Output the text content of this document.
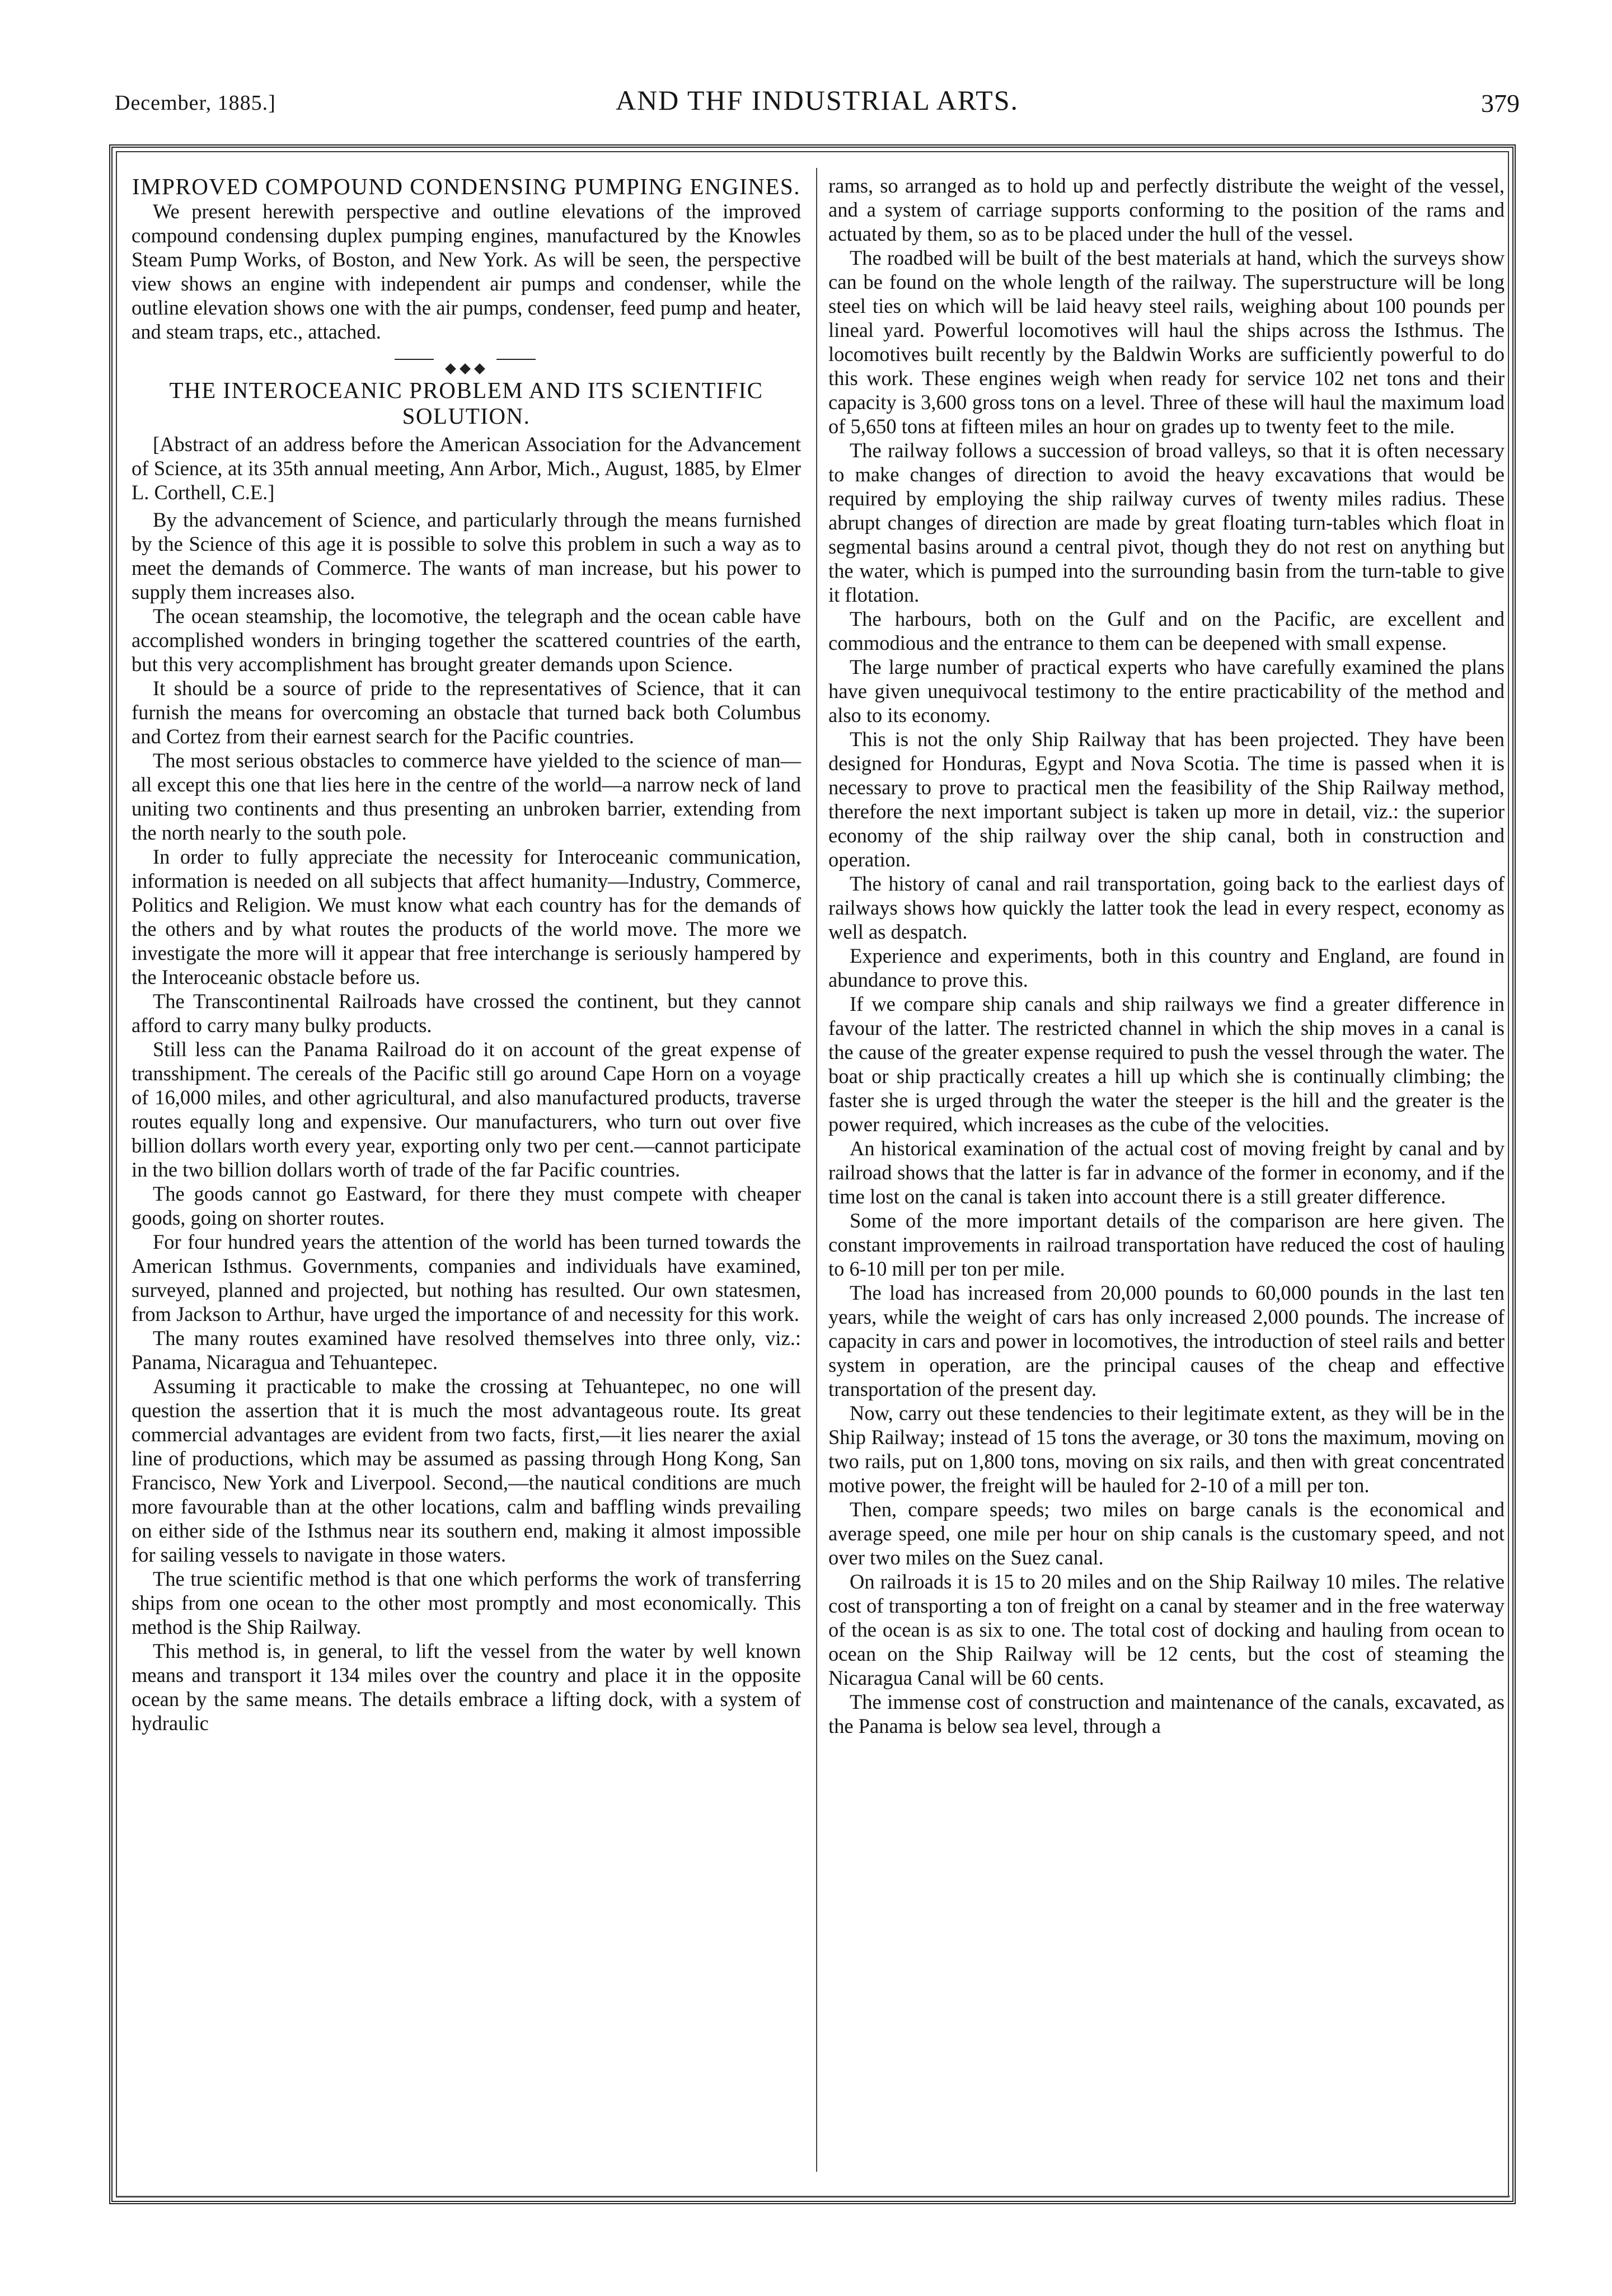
December, 1885.]	AND THF INDUSTRIAL ARTS.	379

IMPROVED COMPOUND CONDENSING PUMPING ENGINES.

We present herewith perspective and outline elevations of the improved compound condensing duplex pumping engines, manufactured by the Knowles Steam Pump Works, of Boston, and New York. As will be seen, the perspective view shows an engine with independent air pumps and condenser, while the outline elevation shows one with the air pumps, condenser, feed pump and heater, and steam traps, etc., attached.

THE INTEROCEANIC PROBLEM AND ITS SCIENTIFIC SOLUTION.

[Abstract of an address before the American Association for the Advancement of Science, at its 35th annual meeting, Ann Arbor, Mich., August, 1885, by Elmer L. Corthell, C.E.]

By the advancement of Science, and particularly through the means furnished by the Science of this age it is possible to solve this problem in such a way as to meet the demands of Commerce. The wants of man increase, but his power to supply them increases also.

The ocean steamship, the locomotive, the telegraph and the ocean cable have accomplished wonders in bringing together the scattered countries of the earth, but this very accomplishment has brought greater demands upon Science.

It should be a source of pride to the representatives of Science, that it can furnish the means for overcoming an obstacle that turned back both Columbus and Cortez from their earnest search for the Pacific countries.

The most serious obstacles to commerce have yielded to the science of man—all except this one that lies here in the centre of the world—a narrow neck of land uniting two continents and thus presenting an unbroken barrier, extending from the north nearly to the south pole.

In order to fully appreciate the necessity for Interoceanic communication, information is needed on all subjects that affect humanity—Industry, Commerce, Politics and Religion. We must know what each country has for the demands of the others and by what routes the products of the world move. The more we investigate the more will it appear that free interchange is seriously hampered by the Interoceanic obstacle before us.

The Transcontinental Railroads have crossed the continent, but they cannot afford to carry many bulky products.

Still less can the Panama Railroad do it on account of the great expense of transshipment. The cereals of the Pacific still go around Cape Horn on a voyage of 16,000 miles, and other agricultural, and also manufactured products, traverse routes equally long and expensive. Our manufacturers, who turn out over five billion dollars worth every year, exporting only two per cent.—cannot participate in the two billion dollars worth of trade of the far Pacific countries.

The goods cannot go Eastward, for there they must compete with cheaper goods, going on shorter routes.

For four hundred years the attention of the world has been turned towards the American Isthmus. Governments, companies and individuals have examined, surveyed, planned and projected, but nothing has resulted. Our own statesmen, from Jackson to Arthur, have urged the importance of and necessity for this work.

The many routes examined have resolved themselves into three only, viz.: Panama, Nicaragua and Tehuantepec.

Assuming it practicable to make the crossing at Tehuantepec, no one will question the assertion that it is much the most advantageous route. Its great commercial advantages are evident from two facts, first,—it lies nearer the axial line of productions, which may be assumed as passing through Hong Kong, San Francisco, New York and Liverpool. Second,—the nautical conditions are much more favourable than at the other locations, calm and baffling winds prevailing on either side of the Isthmus near its southern end, making it almost impossible for sailing vessels to navigate in those waters.

The true scientific method is that one which performs the work of transferring ships from one ocean to the other most promptly and most economically. This method is the Ship Railway.

This method is, in general, to lift the vessel from the water by well known means and transport it 134 miles over the country and place it in the opposite ocean by the same means. The details embrace a lifting dock, with a system of hydraulic

rams, so arranged as to hold up and perfectly distribute the weight of the vessel, and a system of carriage supports conforming to the position of the rams and actuated by them, so as to be placed under the hull of the vessel.

The roadbed will be built of the best materials at hand, which the surveys show can be found on the whole length of the railway. The superstructure will be long steel ties on which will be laid heavy steel rails, weighing about 100 pounds per lineal yard. Powerful locomotives will haul the ships across the Isthmus. The locomotives built recently by the Baldwin Works are sufficiently powerful to do this work. These engines weigh when ready for service 102 net tons and their capacity is 3,600 gross tons on a level. Three of these will haul the maximum load of 5,650 tons at fifteen miles an hour on grades up to twenty feet to the mile.

The railway follows a succession of broad valleys, so that it is often necessary to make changes of direction to avoid the heavy excavations that would be required by employing the ship railway curves of twenty miles radius. These abrupt changes of direction are made by great floating turn-tables which float in segmental basins around a central pivot, though they do not rest on anything but the water, which is pumped into the surrounding basin from the turn-table to give it flotation.

The harbours, both on the Gulf and on the Pacific, are excellent and commodious and the entrance to them can be deepened with small expense.

The large number of practical experts who have carefully examined the plans have given unequivocal testimony to the entire practicability of the method and also to its economy.

This is not the only Ship Railway that has been projected. They have been designed for Honduras, Egypt and Nova Scotia. The time is passed when it is necessary to prove to practical men the feasibility of the Ship Railway method, therefore the next important subject is taken up more in detail, viz.: the superior economy of the ship railway over the ship canal, both in construction and operation.

The history of canal and rail transportation, going back to the earliest days of railways shows how quickly the latter took the lead in every respect, economy as well as despatch.

Experience and experiments, both in this country and England, are found in abundance to prove this.

If we compare ship canals and ship railways we find a greater difference in favour of the latter. The restricted channel in which the ship moves in a canal is the cause of the greater expense required to push the vessel through the water. The boat or ship practically creates a hill up which she is continually climbing; the faster she is urged through the water the steeper is the hill and the greater is the power required, which increases as the cube of the velocities.

An historical examination of the actual cost of moving freight by canal and by railroad shows that the latter is far in advance of the former in economy, and if the time lost on the canal is taken into account there is a still greater difference.

Some of the more important details of the comparison are here given. The constant improvements in railroad transportation have reduced the cost of hauling to 6-10 mill per ton per mile.

The load has increased from 20,000 pounds to 60,000 pounds in the last ten years, while the weight of cars has only increased 2,000 pounds. The increase of capacity in cars and power in locomotives, the introduction of steel rails and better system in operation, are the principal causes of the cheap and effective transportation of the present day.

Now, carry out these tendencies to their legitimate extent, as they will be in the Ship Railway; instead of 15 tons the average, or 30 tons the maximum, moving on two rails, put on 1,800 tons, moving on six rails, and then with great concentrated motive power, the freight will be hauled for 2-10 of a mill per ton.

Then, compare speeds; two miles on barge canals is the economical and average speed, one mile per hour on ship canals is the customary speed, and not over two miles on the Suez canal.

On railroads it is 15 to 20 miles and on the Ship Railway 10 miles. The relative cost of transporting a ton of freight on a canal by steamer and in the free waterway of the ocean is as six to one. The total cost of docking and hauling from ocean to ocean on the Ship Railway will be 12 cents, but the cost of steaming the Nicaragua Canal will be 60 cents.

The immense cost of construction and maintenance of the canals, excavated, as the Panama is below sea level, through a
